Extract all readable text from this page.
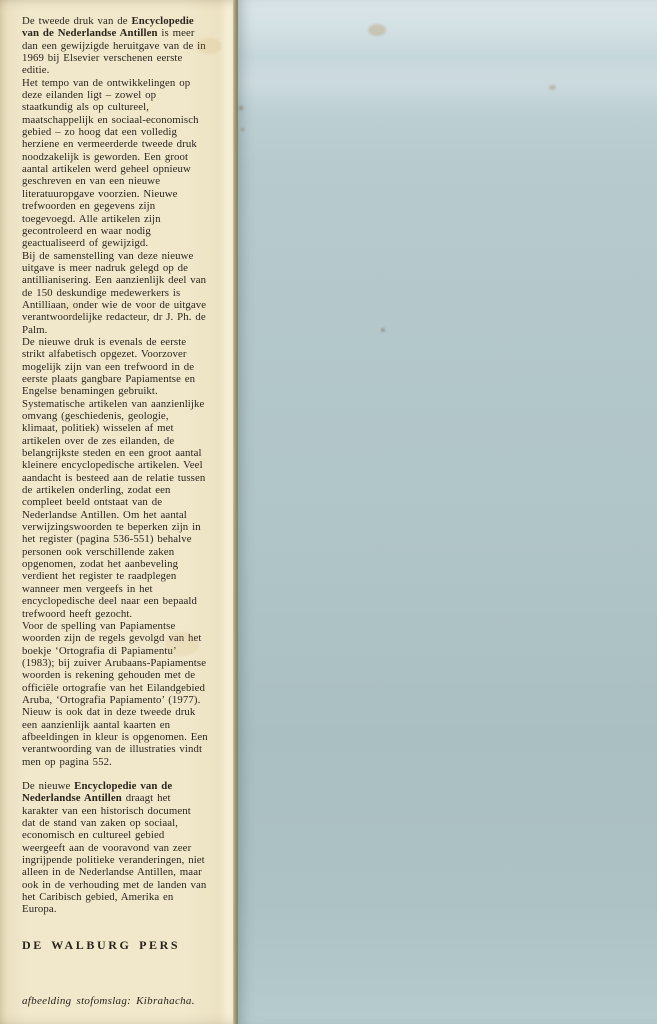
De tweede druk van de Encyclopedie van de Nederlandse Antillen is meer dan een gewijzigde heruitgave van de in 1969 bij Elsevier verschenen eerste editie.

Het tempo van de ontwikkelingen op deze eilanden ligt – zowel op staatkundig als op cultureel, maatschappelijk en sociaal-economisch gebied – zo hoog dat een volledig herziene en vermeerderde tweede druk noodzakelijk is geworden. Een groot aantal artikelen werd geheel opnieuw geschreven en van een nieuwe literatuuropgave voorzien. Nieuwe trefwoorden en gegevens zijn toegevoegd. Alle artikelen zijn gecontroleerd en waar nodig geactualiseerd of gewijzigd.

Bij de samenstelling van deze nieuwe uitgave is meer nadruk gelegd op de antillianisering. Een aanzienlijk deel van de 150 deskundige medewerkers is Antilliaan, onder wie de voor de uitgave verantwoordelijke redacteur, dr J. Ph. de Palm.

De nieuwe druk is evenals de eerste strikt alfabetisch opgezet. Voorzover mogelijk zijn van een trefwoord in de eerste plaats gangbare Papiamentse en Engelse benamingen gebruikt.

Systematische artikelen van aanzienlijke omvang (geschiedenis, geologie, klimaat, politiek) wisselen af met artikelen over de zes eilanden, de belangrijkste steden en een groot aantal kleinere encyclopedische artikelen. Veel aandacht is besteed aan de relatie tussen de artikelen onderling, zodat een compleet beeld ontstaat van de Nederlandse Antillen. Om het aantal verwijzingswoorden te beperken zijn in het register (pagina 536-551) behalve personen ook verschillende zaken opgenomen, zodat het aanbeveling verdient het register te raadplegen wanneer men vergeefs in het encyclopedische deel naar een bepaald trefwoord heeft gezocht.

Voor de spelling van Papiamentse woorden zijn de regels gevolgd van het boekje ‘Ortografia di Papiamentu’ (1983); bij zuiver Arubaans-Papiamentse woorden is rekening gehouden met de officiële ortografie van het Eilandgebied Aruba, ‘Ortografia Papiamento’ (1977).

Nieuw is ook dat in deze tweede druk een aanzienlijk aantal kaarten en afbeeldingen in kleur is opgenomen. Een verantwoording van de illustraties vindt men op pagina 552.

De nieuwe Encyclopedie van de Nederlandse Antillen draagt het karakter van een historisch document dat de stand van zaken op sociaal, economisch en cultureel gebied weergeeft aan de vooravond van zeer ingrijpende politieke veranderingen, niet alleen in de Nederlandse Antillen, maar ook in de verhouding met de landen van het Caribisch gebied, Amerika en Europa.

DE WALBURG PERS
afbeelding stofomslag: Kibrahacha.
